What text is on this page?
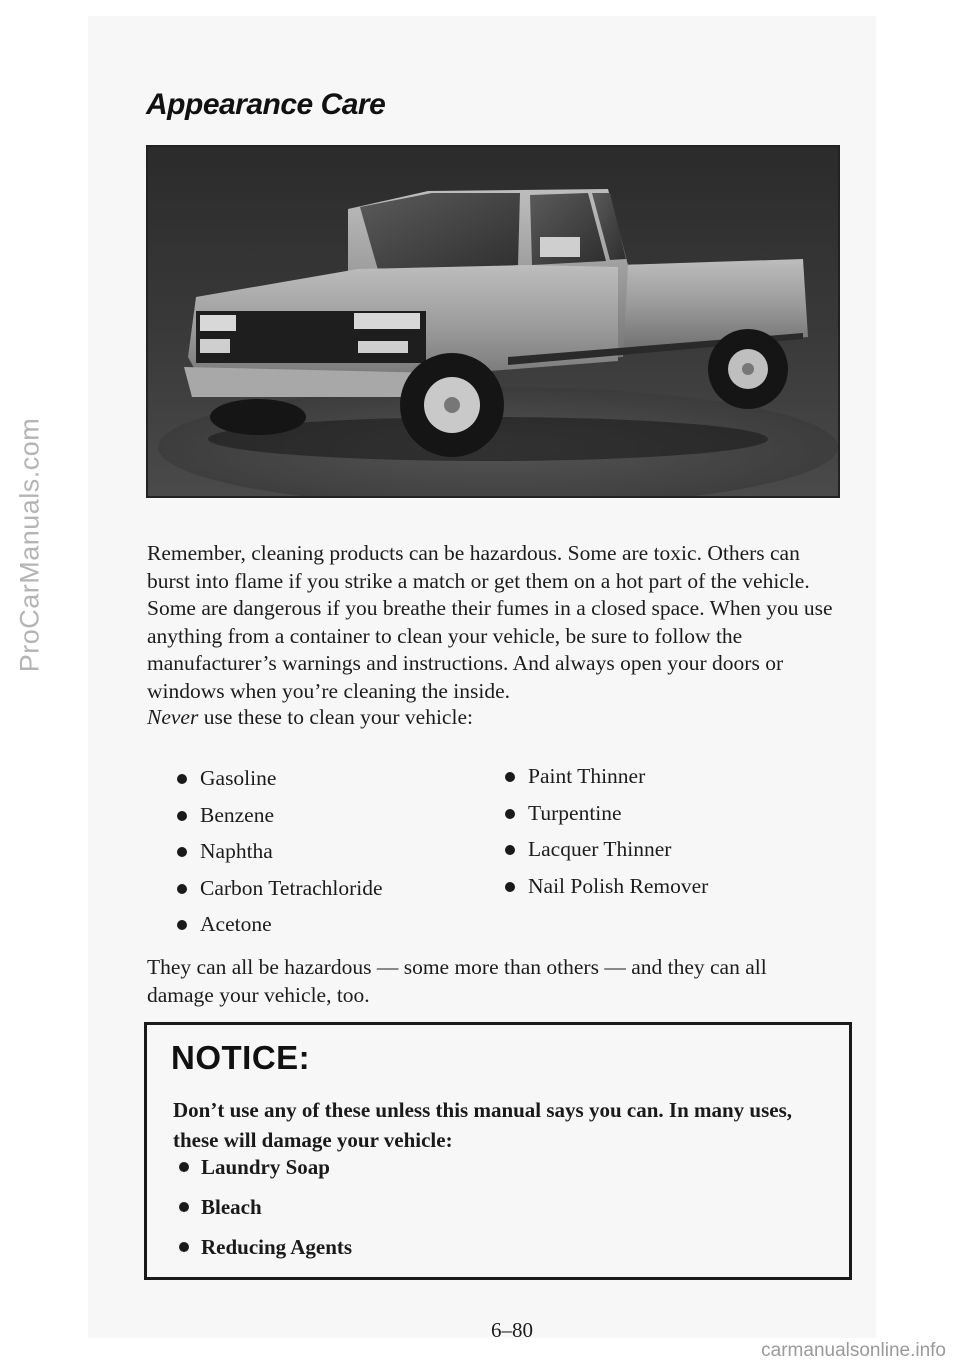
ProCarManuals.com
Appearance Care
Remember, cleaning products can be hazardous. Some are toxic. Others can burst into flame if you strike a match or get them on a hot part of the vehicle. Some are dangerous if you breathe their fumes in a closed space. When you use anything from a container to clean your vehicle, be sure to follow the manufacturer’s warnings and instructions. And always open your doors or windows when you’re cleaning the inside.
Never use these to clean your vehicle:
Gasoline
Benzene
Naphtha
Carbon Tetrachloride
Acetone
Paint Thinner
Turpentine
Lacquer Thinner
Nail Polish Remover
They can all be hazardous — some more than others — and they can all damage your vehicle, too.
NOTICE:
Don’t use any of these unless this manual says you can. In many uses, these will damage your vehicle:
Laundry Soap
Bleach
Reducing Agents
6–80
carmanualsonline.info
